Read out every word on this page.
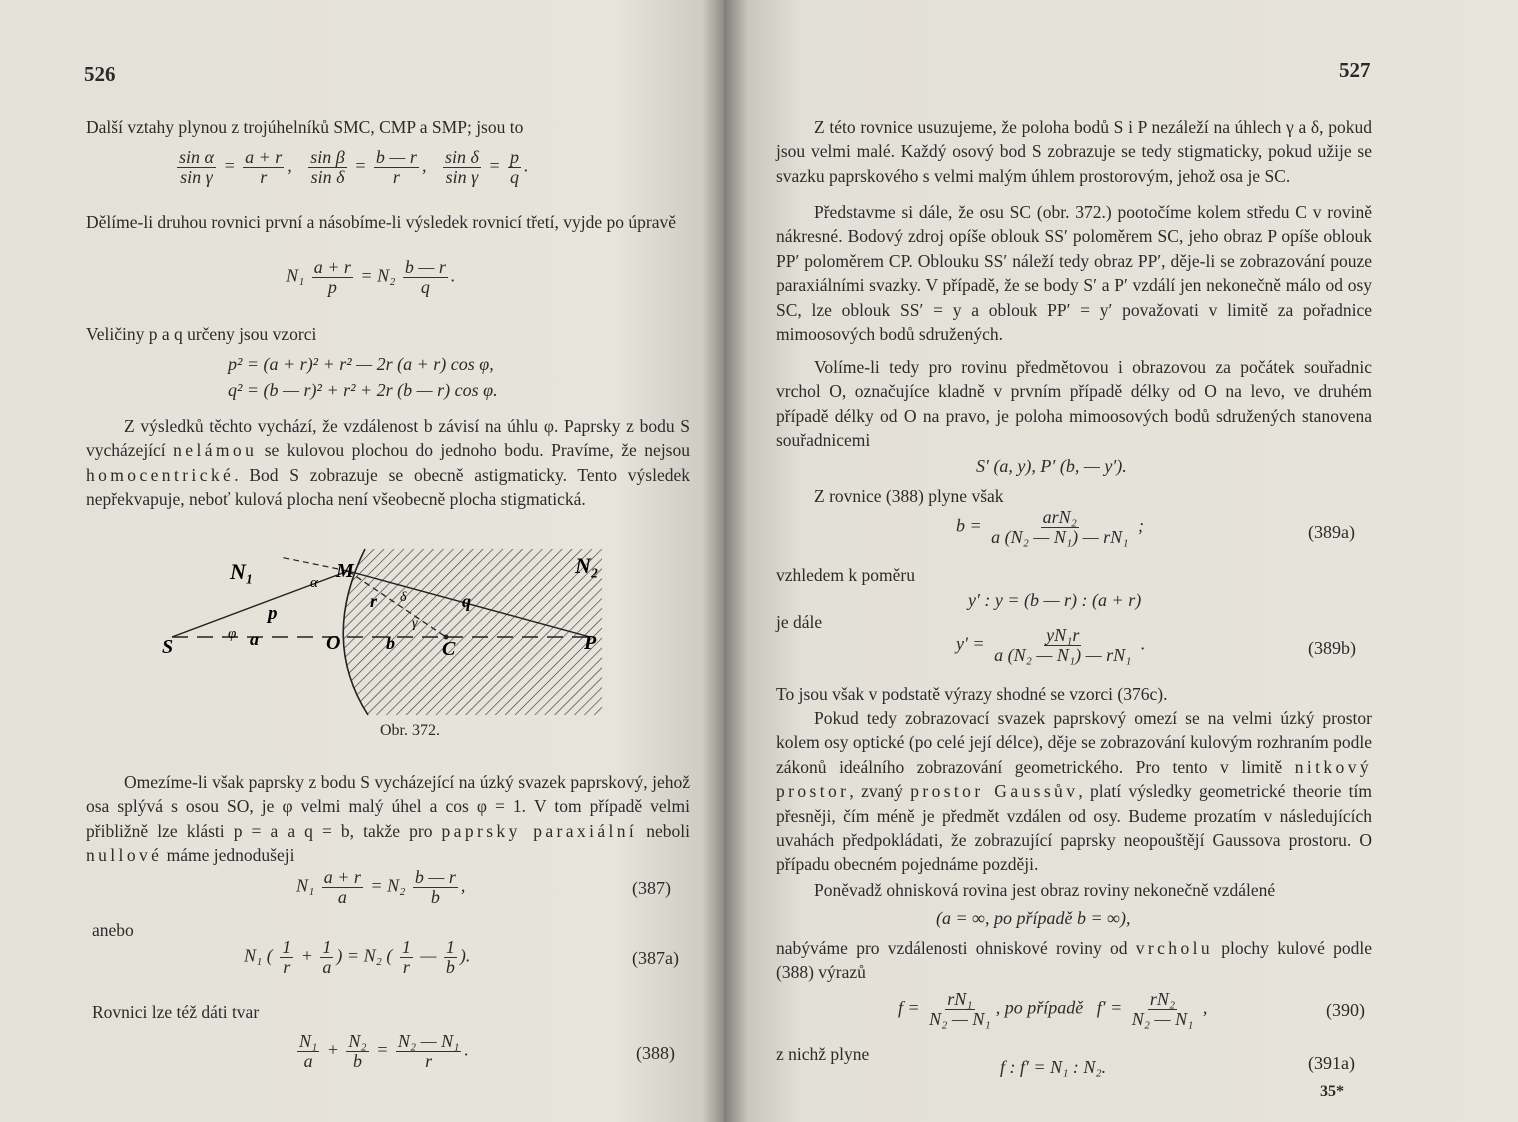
526

Další vztahy plynou z trojúhelníků SMC, CMP a SMP; jsou to

$\frac{\text{sin α}}{\text{sin γ}} = \frac{a + r}{r}$ , $\frac{\text{sin β}}{\text{sin δ}} = \frac{b — r}{r}$ , $\frac{\text{sin δ}}{\text{sin γ}} = \frac{p}{q}$ .

Dělíme-li druhou rovnici první a násobíme-li výsledek rovnicí třetí, vyjde po úpravě

$N_1 \frac{a + r}{p} = N_2 \frac{b — r}{q}$ .

Veličiny p a q určeny jsou vzorci

p² = (a + r)² + r² — 2r (a + r) cos φ,
q² = (b — r)² + r² + 2r (b — r) cos φ.

Z výsledků těchto vychází, že vzdálenost b závisí na úhlu φ. Paprsky z bodu S vycházející nelámou se kulovou plochou do jednoho bodu. Pravíme, že nejsou homocentrické. Bod S zobrazuje se obecně astigmaticky. Tento výsledek nepřekvapuje, neboť kulová plocha není všeobecně plocha stigmatická.

N₁	N₂
M
α
S
p
φ a	O	b C	P
r	q
δ
γ
Obr. 372.

Omezíme-li však paprsky z bodu S vycházející na úzký svazek paprskový, jehož osa splývá s osou SO, je φ velmi malý úhel a cos φ = 1. V tom případě velmi přibližně lze klásti p = a a q = b, takže pro paprsky paraxiální neboli nullové máme jednodušeji

$N_1 \frac{a + r}{a} = N_2 \frac{b — r}{b}$ ,	(387)

anebo

N₁ ( $\frac{1}{r} + \frac{1}{a}$ ) = N₂ ( $\frac{1}{r}$ — $\frac{1}{b}$ ).	(387a)

Rovnici lze též dáti tvar

$\frac{\text{N₁}}{a} + \frac{\text{N₂}}{b} = \frac{\text{N₂ — N₁}}{r}$ .	(388)
527

Z této rovnice usuzujeme, že poloha bodů S i P nezáleží na úhlech γ a δ, pokud jsou velmi malé. Každý osový bod S zobrazuje se tedy stigmaticky, pokud užije se svazku paprskového s velmi malým úhlem prostorovým, jehož osa je SC.

Představme si dále, že osu SC (obr. 372.) pootočíme kolem středu C v rovině nákresné. Bodový zdroj opíše oblouk SS′ poloměrem SC, jeho obraz P opíše oblouk PP′ poloměrem CP. Oblouku SS′ náleží tedy obraz PP′, děje-li se zobrazování pouze paraxiálními svazky. V případě, že se body S′ a P′ vzdálí jen nekonečně málo od osy SC, lze oblouk SS′ = y a oblouk PP′ = y′ považovati v limitě za pořadnice mimoosových bodů sdružených.

Volíme-li tedy pro rovinu předmětovou i obrazovou za počátek souřadnic vrchol O, označujíce kladně v prvním případě délky od O na levo, ve druhém případě délky od O na pravo, je poloha mimoosových bodů sdružených stanovena souřadnicemi

S′ (a, y), P′ (b, — y′).

Z rovnice (388) plyne však

$b = \frac{\text{arN₂}}{\text{a (N₂ — N₁) — rN₁}}$ ;	(389a)

vzhledem k poměru

y′ : y = (b — r) : (a + r)

je dále

$y' = \frac{\text{yN₁r}}{\text{a (N₂ — N₁) — rN₁}}$ .	(389b)

To jsou však v podstatě výrazy shodné se vzorci (376c).

Pokud tedy zobrazovací svazek paprskový omezí se na velmi úzký prostor kolem osy optické (po celé její délce), děje se zobrazování kulovým rozhraním podle zákonů ideálního zobrazování geometrického. Pro tento v limitě nitkový prostor, zvaný prostor Gaussův, platí výsledky geometrické theorie tím přesněji, čím méně je předmět vzdálen od osy. Budeme prozatím v následujících uvahách předpokládati, že zobrazující paprsky neopouštějí Gaussova prostoru. O případu obecném pojednáme později.

Poněvadž ohnisková rovina jest obraz roviny nekonečně vzdálené

(a = ∞, po případě b = ∞),

nabýváme pro vzdálenosti ohniskové roviny od vrcholu plochy kulové podle (388) výrazů

$f = \frac{\text{rN₁}}{\text{N₂ — N₁}}$ , po případě $f' = \frac{\text{rN₂}}{\text{N₂ — N₁}}$ ,	(390)

z nichž plyne

f : f′ = N₁ : N₂.	(391a)
35*
